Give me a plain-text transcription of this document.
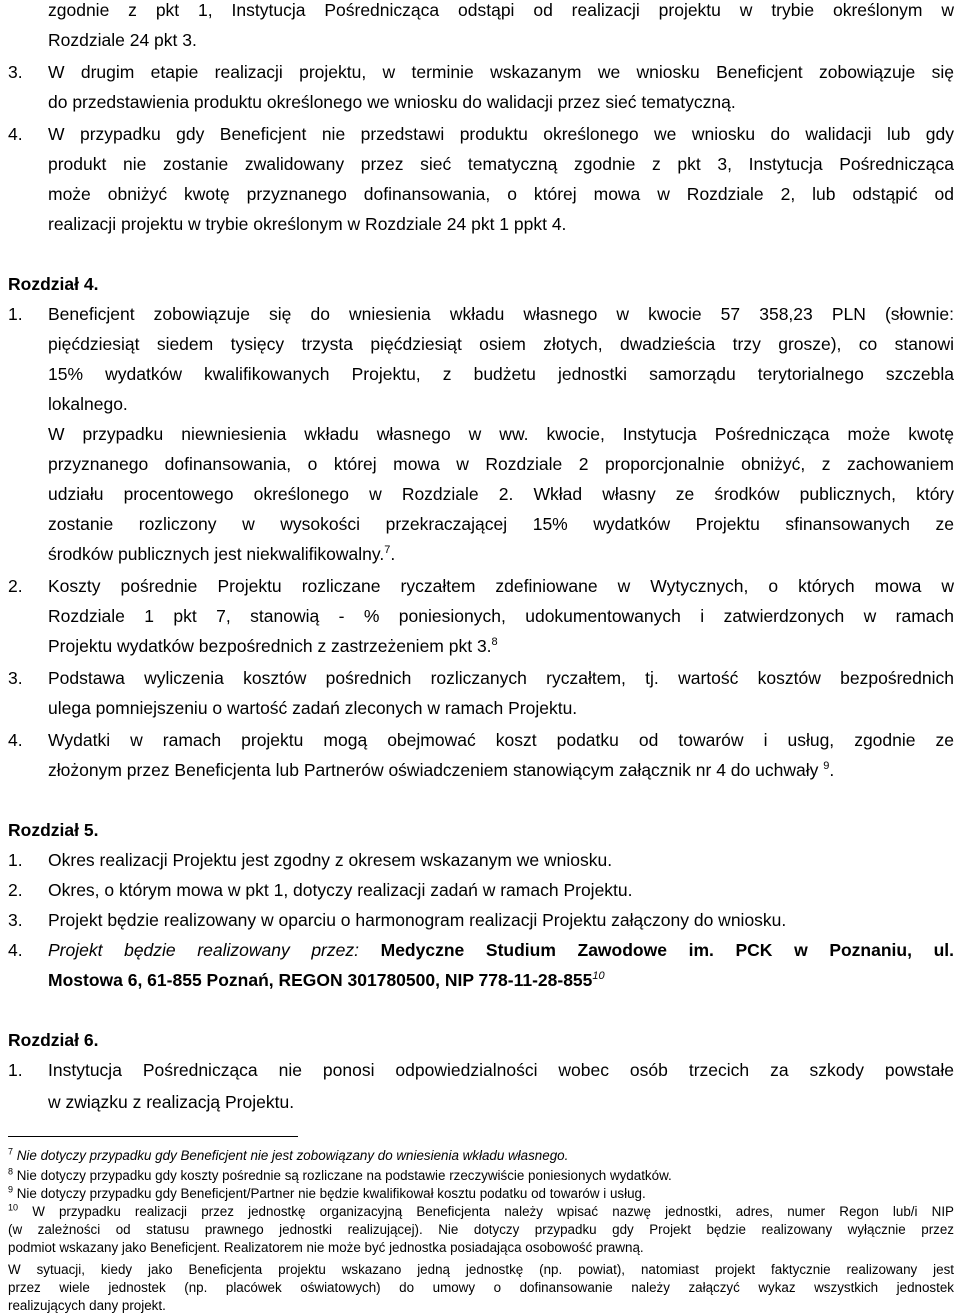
zgodnie z pkt 1, Instytucja Pośrednicząca odstąpi od realizacji projektu w trybie określonym w
Rozdziale 24 pkt 3.
3. W drugim etapie realizacji projektu, w terminie wskazanym we wniosku Beneficjent zobowiązuje się
do przedstawienia produktu określonego we wniosku do walidacji przez sieć tematyczną.
4. W przypadku gdy Beneficjent nie przedstawi produktu określonego we wniosku do walidacji lub gdy
produkt nie zostanie zwalidowany przez sieć tematyczną zgodnie z pkt 3, Instytucja Pośrednicząca
może obniżyć kwotę przyznanego dofinansowania, o której mowa w Rozdziale 2, lub odstąpić od
realizacji projektu w trybie określonym w Rozdziale 24 pkt 1 ppkt 4.
Rozdział 4.
1. Beneficjent zobowiązuje się do wniesienia wkładu własnego w kwocie 57 358,23 PLN (słownie:
pięćdziesiąt siedem tysięcy trzysta pięćdziesiąt osiem złotych, dwadzieścia trzy grosze), co stanowi
15% wydatków kwalifikowanych Projektu, z budżetu jednostki samorządu terytorialnego szczebla
lokalnego.
W przypadku niewniesienia wkładu własnego w ww. kwocie, Instytucja Pośrednicząca może kwotę
przyznanego dofinansowania, o której mowa w Rozdziale 2 proporcjonalnie obniżyć, z zachowaniem
udziału procentowego określonego w Rozdziale 2. Wkład własny ze środków publicznych, który
zostanie rozliczony w wysokości przekraczającej 15% wydatków Projektu sfinansowanych ze
środków publicznych jest niekwalifikowalny.$^7$.
2. Koszty pośrednie Projektu rozliczane ryczałtem zdefiniowane w Wytycznych, o których mowa w
Rozdziale 1 pkt 7, stanowią - % poniesionych, udokumentowanych i zatwierdzonych w ramach
Projektu wydatków bezpośrednich z zastrzeżeniem pkt 3.$^8$
3. Podstawa wyliczenia kosztów pośrednich rozliczanych ryczałtem, tj. wartość kosztów bezpośrednich
ulega pomniejszeniu o wartość zadań zleconych w ramach Projektu.
4. Wydatki w ramach projektu mogą obejmować koszt podatku od towarów i usług, zgodnie ze
złożonym przez Beneficjenta lub Partnerów oświadczeniem stanowiącym załącznik nr 4 do uchwały $^9$.
Rozdział 5.
1. Okres realizacji Projektu jest zgodny z okresem wskazanym we wniosku.
2. Okres, o którym mowa w pkt 1, dotyczy realizacji zadań w ramach Projektu.
3. Projekt będzie realizowany w oparciu o harmonogram realizacji Projektu załączony do wniosku.
4. Projekt będzie realizowany przez: Medyczne Studium Zawodowe im. PCK w Poznaniu, ul.
Mostowa 6, 61-855 Poznań, REGON 301780500, NIP $778-11-28-855^{10}$
Rozdział 6.
1. Instytucja Pośrednicząca nie ponosi odpowiedzialności wobec osób trzecich za szkody powstałe
w związku z realizacją Projektu.
$^7$ Nie dotyczy przypadku gdy Beneficjent nie jest zobowiązany do wniesienia wkładu własnego.
$^8$ Nie dotyczy przypadku gdy koszty pośrednie są rozliczane na podstawie rzeczywiście poniesionych wydatków.
$^9$ Nie dotyczy przypadku gdy Beneficjent/Partner nie będzie kwalifikował kosztu podatku od towarów i usług.
$^{10}$ W przypadku realizacji przez jednostkę organizacyjną Beneficjenta należy wpisać nazwę jednostki, adres, numer Regon lub/i NIP
(w zależności od statusu prawnego jednostki realizującej). Nie dotyczy przypadku gdy Projekt będzie realizowany wyłącznie przez
podmiot wskazany jako Beneficjent. Realizatorem nie może być jednostka posiadająca osobowość prawną.
W sytuacji, kiedy jako Beneficjenta projektu wskazano jedną jednostkę (np. powiat), natomiast projekt faktycznie realizowany jest
przez wiele jednostek (np. placówek oświatowych) do umowy o dofinansowanie należy załączyć wykaz wszystkich jednostek
realizujących dany projekt.
